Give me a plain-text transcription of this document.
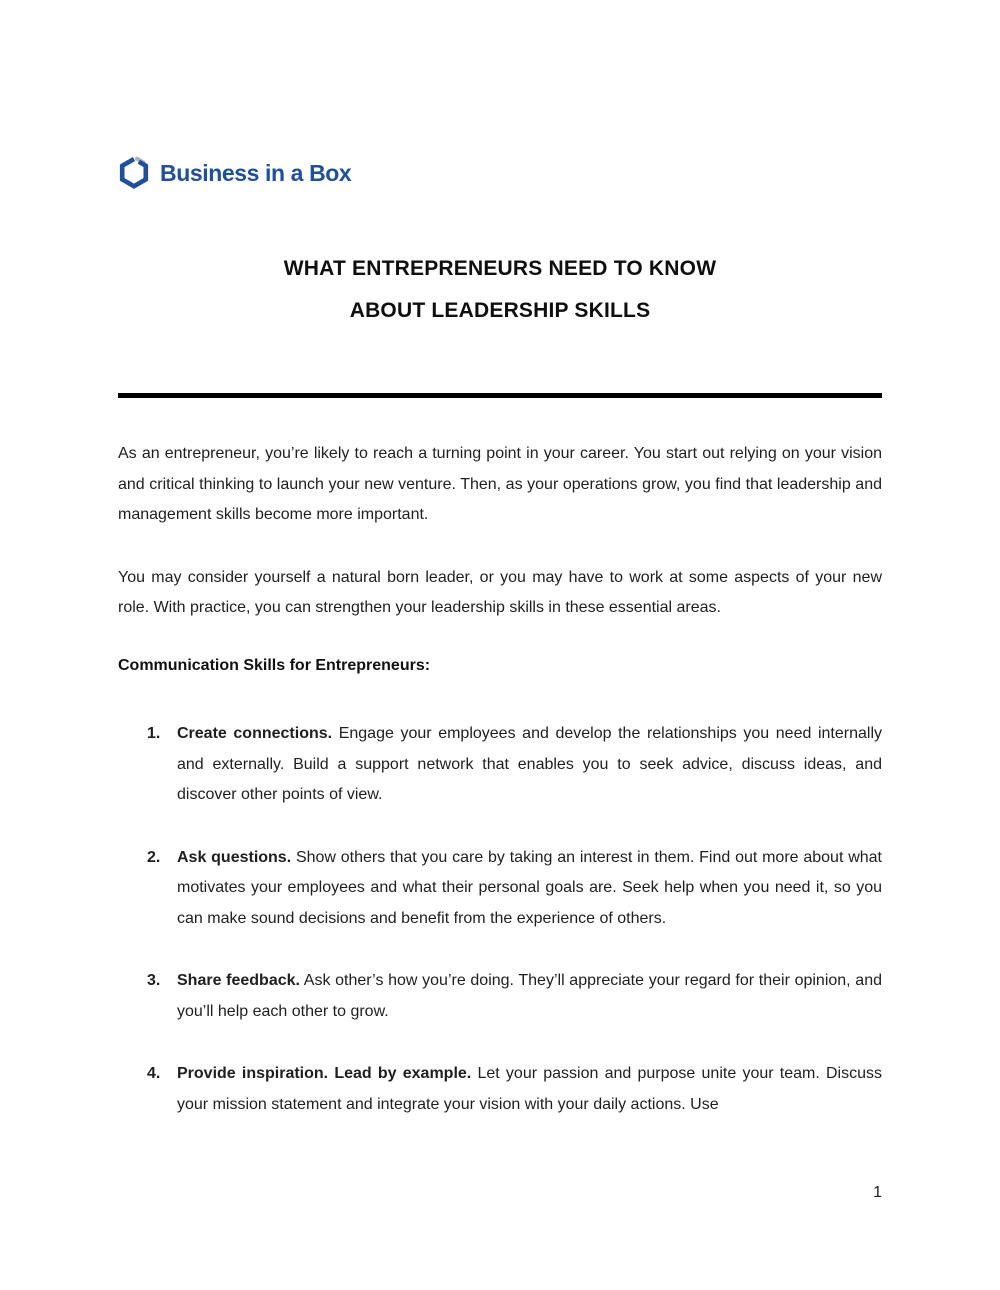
Business in a Box
WHAT ENTREPRENEURS NEED TO KNOW
ABOUT LEADERSHIP SKILLS

As an entrepreneur, you’re likely to reach a turning point in your career. You start out relying on your vision and critical thinking to launch your new venture. Then, as your operations grow, you find that leadership and management skills become more important.

You may consider yourself a natural born leader, or you may have to work at some aspects of your new role. With practice, you can strengthen your leadership skills in these essential areas.

Communication Skills for Entrepreneurs:
1. Create connections. Engage your employees and develop the relationships you need internally and externally. Build a support network that enables you to seek advice, discuss ideas, and discover other points of view.
2. Ask questions. Show others that you care by taking an interest in them. Find out more about what motivates your employees and what their personal goals are. Seek help when you need it, so you can make sound decisions and benefit from the experience of others.
3. Share feedback. Ask other’s how you’re doing. They’ll appreciate your regard for their opinion, and you’ll help each other to grow.
4. Provide inspiration. Lead by example. Let your passion and purpose unite your team. Discuss your mission statement and integrate your vision with your daily actions. Use
1
